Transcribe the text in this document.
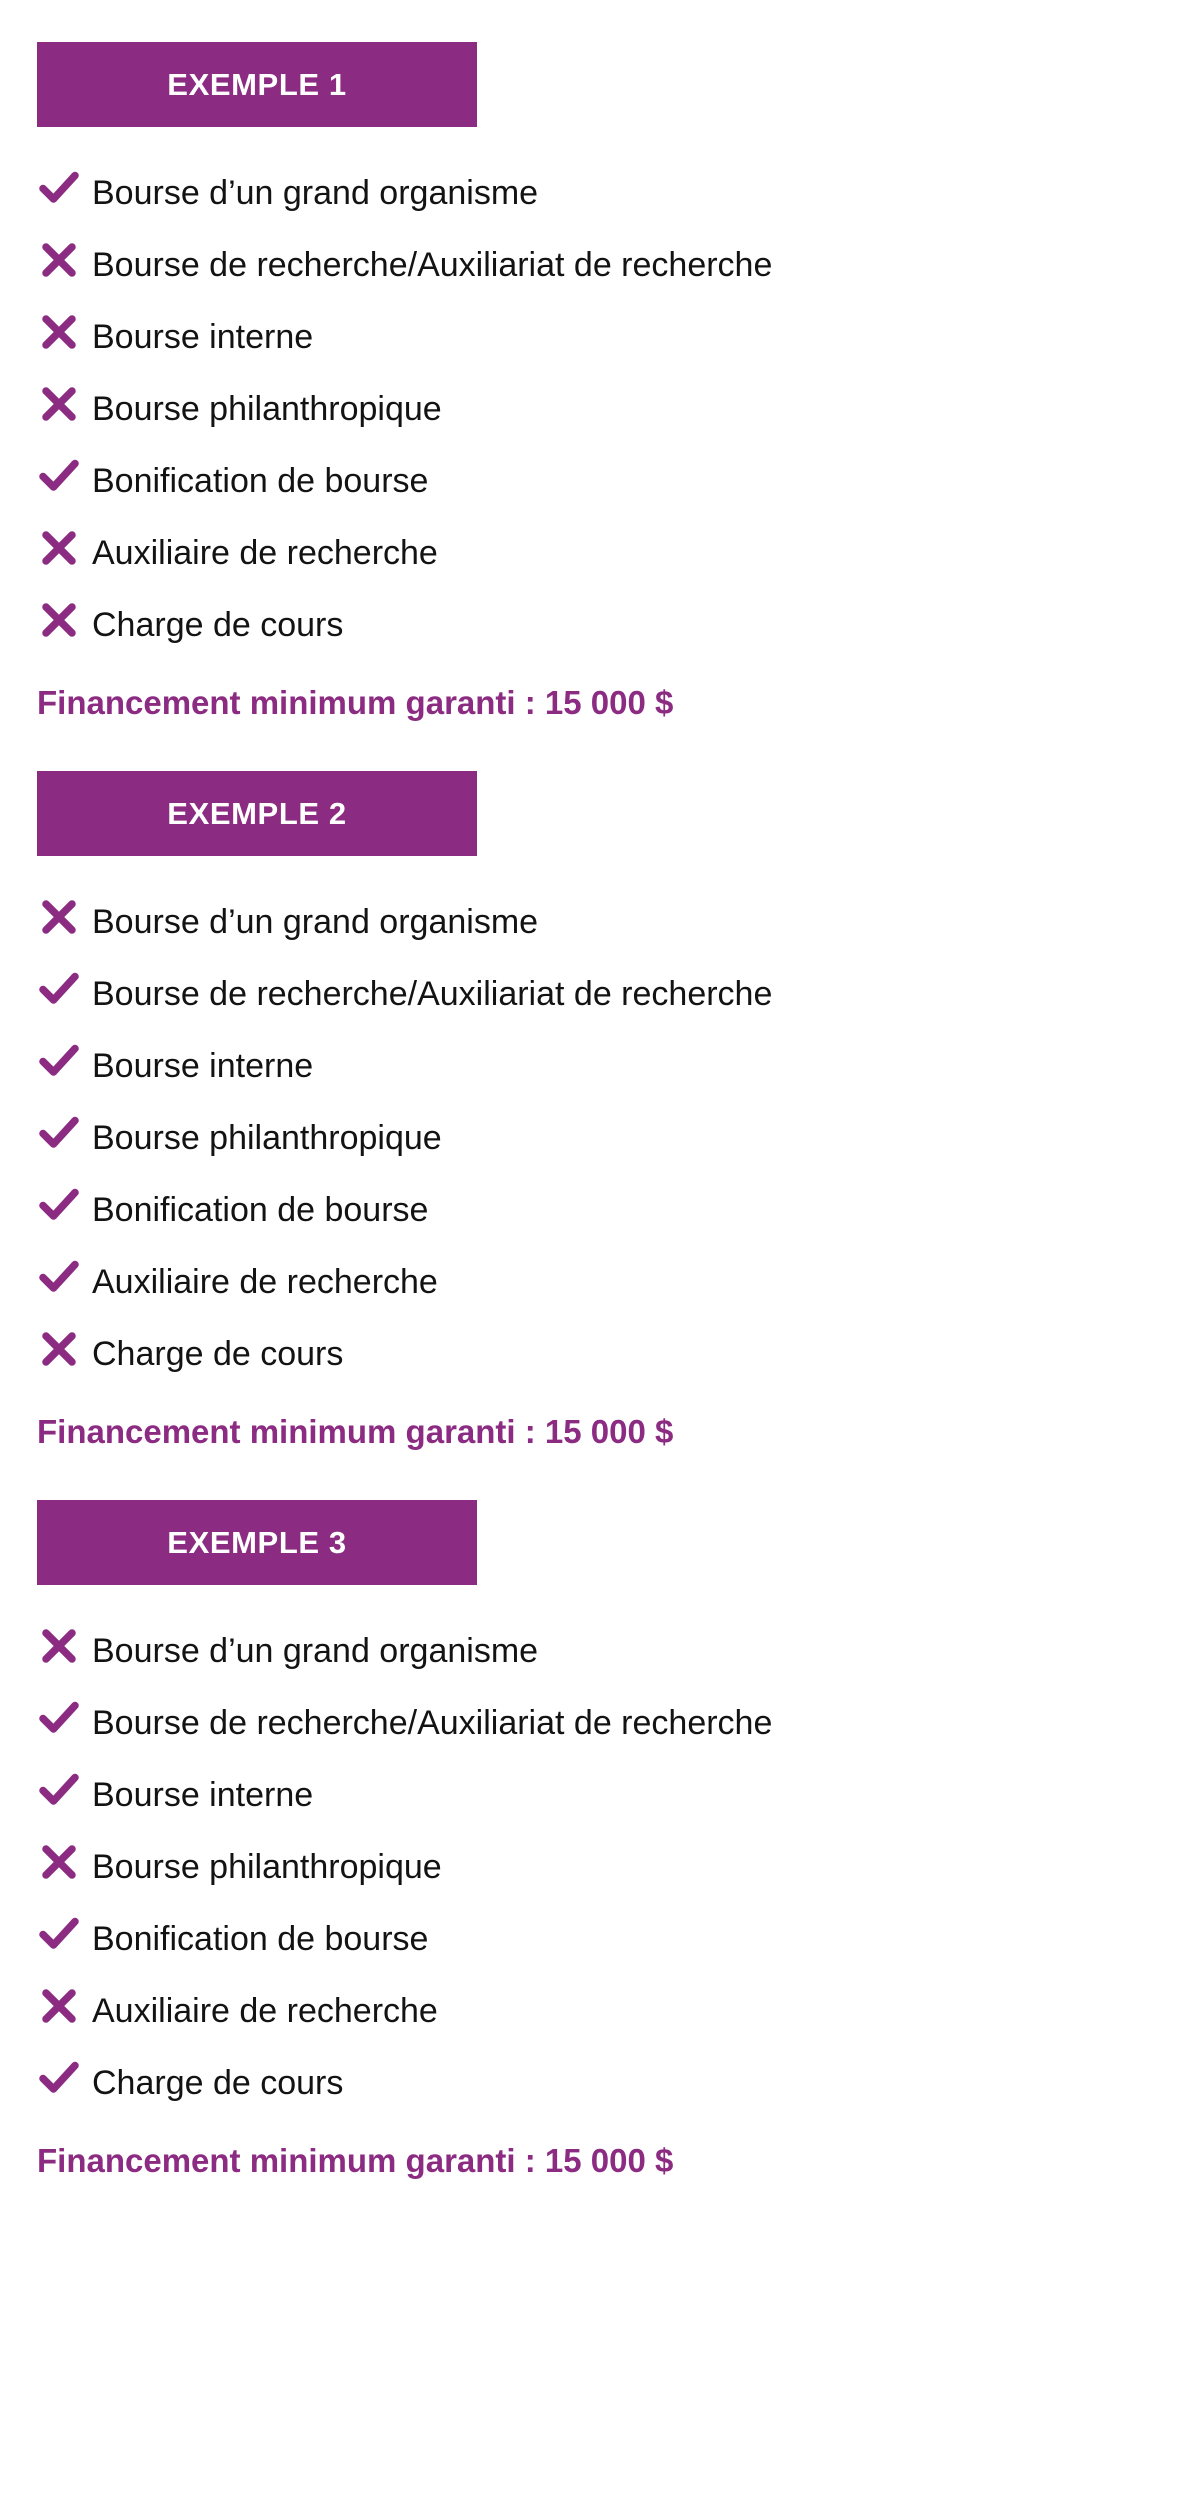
EXEMPLE 1
Bourse d’un grand organisme
Bourse de recherche/Auxiliariat de recherche
Bourse interne
Bourse philanthropique
Bonification de bourse
Auxiliaire de recherche
Charge de cours
Financement minimum garanti : 15 000 $
EXEMPLE 2
Bourse d’un grand organisme
Bourse de recherche/Auxiliariat de recherche
Bourse interne
Bourse philanthropique
Bonification de bourse
Auxiliaire de recherche
Charge de cours
Financement minimum garanti : 15 000 $
EXEMPLE 3
Bourse d’un grand organisme
Bourse de recherche/Auxiliariat de recherche
Bourse interne
Bourse philanthropique
Bonification de bourse
Auxiliaire de recherche
Charge de cours
Financement minimum garanti : 15 000 $
